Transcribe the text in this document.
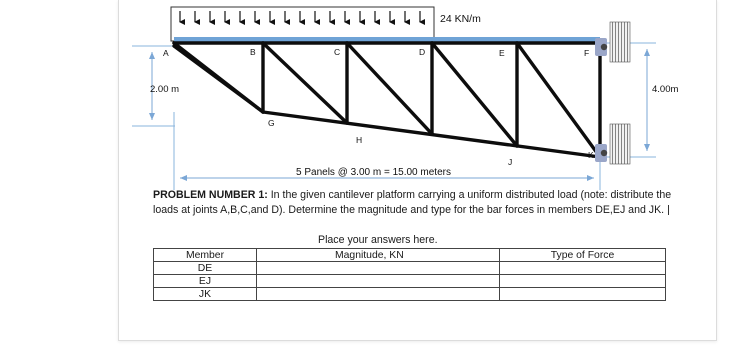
24 KN/m
2.00 m	4.00m
A	B	C	D	E	F
G
H
J
K
5 Panels @ 3.00 m = 15.00 meters
PROBLEM NUMBER 1: In the given cantilever platform carrying a uniform distributed load (note: distribute the loads at joints A,B,C,and D). Determine the magnitude and type for the bar forces in members DE,EJ and JK.
Place your answers here.
Member	Magnitude, KN	Type of Force
DE		
EJ		
JK		
